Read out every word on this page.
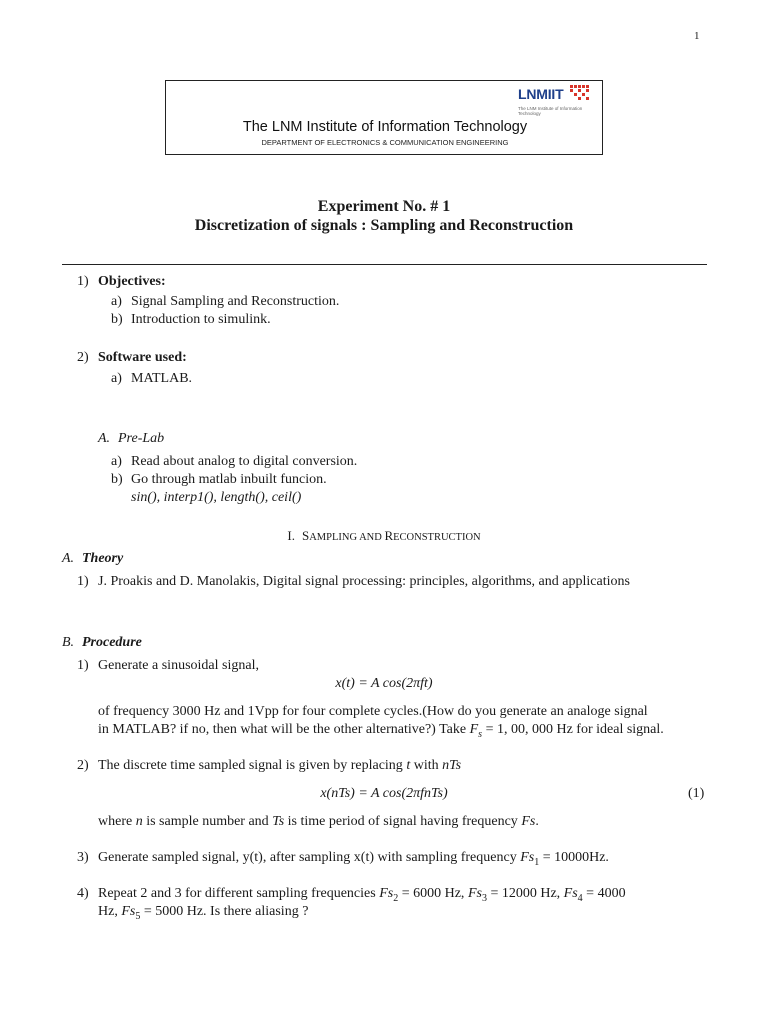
1
LNMIIT
The LNM Institute of Information Technology
The LNM Institute of Information Technology
DEPARTMENT OF ELECTRONICS & COMMUNICATION ENGINEERING
Experiment No. # 1
Discretization of signals : Sampling and Reconstruction
1) Objectives:
a) Signal Sampling and Reconstruction.
b) Introduction to simulink.
2) Software used:
a) MATLAB.
A. Pre-Lab
a) Read about analog to digital conversion.
b) Go through matlab inbuilt funcion.
sin(), interp1(), length(), ceil()
I. SAMPLING AND RECONSTRUCTION
A. Theory
1) J. Proakis and D. Manolakis, Digital signal processing: principles, algorithms, and applications
B. Procedure
1) Generate a sinusoidal signal,
x(t) = A cos(2πft)
of frequency 3000 Hz and 1Vpp for four complete cycles.(How do you generate an analoge signal
in MATLAB? if no, then what will be the other alternative?) Take $F_s = 1$, 00, 000 Hz for ideal signal.
2) The discrete time sampled signal is given by replacing t with nTs
x(nTs) = A cos(2πfnTs)	(1)
where n is sample number and Ts is time period of signal having frequency Fs.
3) Generate sampled signal, y(t), after sampling x(t) with sampling frequency $Fs_1 = 10000Hz$.
4) Repeat 2 and 3 for different sampling frequencies $Fs_2 = 6000$ Hz, $Fs_3 = 12000$ Hz, $Fs_4 = 4000$
Hz, $Fs_5 = 5000$ Hz. Is there aliasing ?
